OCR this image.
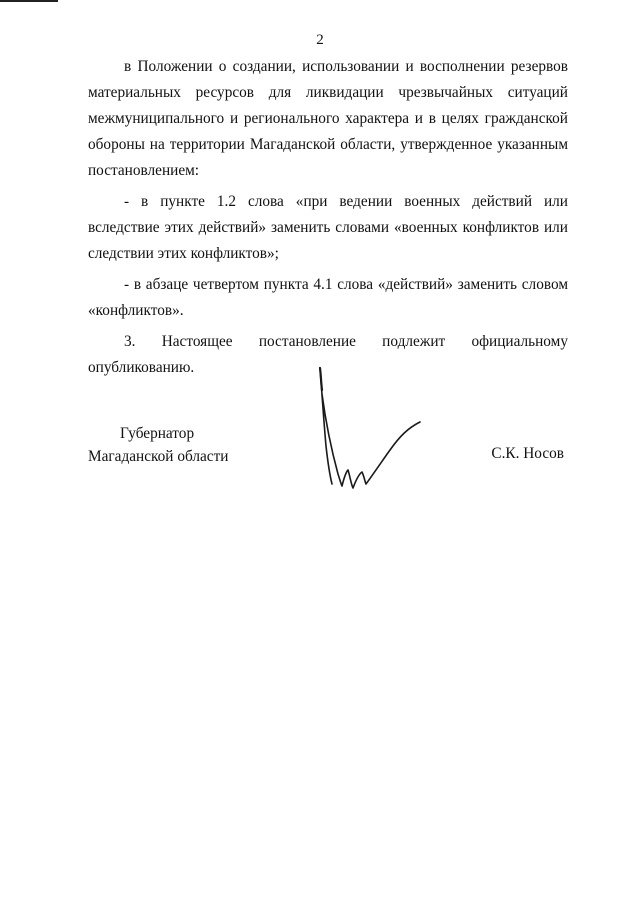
2

в Положении о создании, использовании и восполнении резервов материальных ресурсов для ликвидации чрезвычайных ситуаций межмуниципального и регионального характера и в целях гражданской обороны на территории Магаданской области, утвержденное указанным постановлением:

- в пункте 1.2 слова «при ведении военных действий или вследствие этих действий» заменить словами «военных конфликтов или следствии этих конфликтов»;

- в абзаце четвертом пункта 4.1 слова «действий» заменить словом «конфликтов».

3. Настоящее постановление подлежит официальному опубликованию.

Губернатор
Магаданской области	С.К. Носов
